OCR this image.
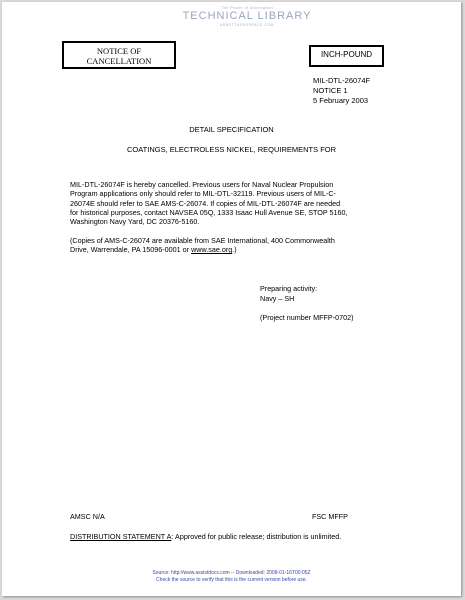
The Power of Information
TECHNICAL LIBRARY
ABBOTTAEROSPACE.COM
NOTICE OF
CANCELLATION
INCH-POUND
MIL-DTL-26074F
NOTICE 1
5 February 2003
DETAIL SPECIFICATION
COATINGS, ELECTROLESS NICKEL, REQUIREMENTS FOR
MIL-DTL-26074F is hereby cancelled. Previous users for Naval Nuclear Propulsion
Program applications only should refer to MIL-DTL-32119. Previous users of MIL-C-
26074E should refer to SAE AMS-C-26074. If copies of MIL-DTL-26074F are needed
for historical purposes, contact NAVSEA 05Q, 1333 Isaac Hull Avenue SE, STOP 5160,
Washington Navy Yard, DC 20376-5160.
(Copies of AMS-C-26074 are available from SAE International, 400 Commonwealth
Drive, Warrendale, PA 15096-0001 or www.sae.org.)
Preparing activity:
Navy – SH
(Project number MFFP-0702)
AMSC N/A	FSC MFFP
DISTRIBUTION STATEMENT A: Approved for public release; distribution is unlimited.
Source: http://www.assistdocs.com -- Downloaded: 2008-01-16T00:05Z
Check the source to verify that this is the current version before use.
